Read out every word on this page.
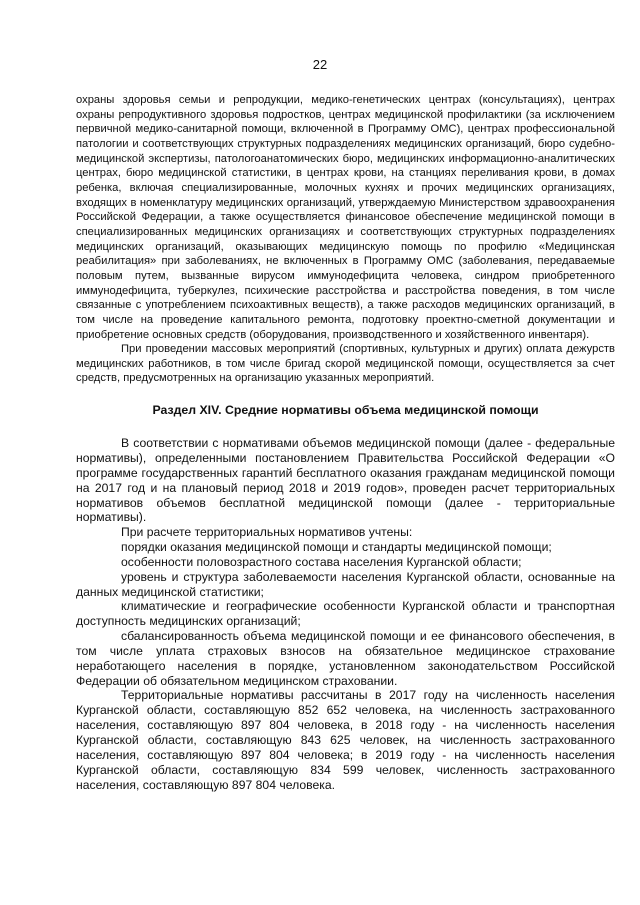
22

охраны здоровья семьи и репродукции, медико-генетических центрах (консультациях), центрах охраны репродуктивного здоровья подростков, центрах медицинской профилактики (за исключением первичной медико-санитарной помощи, включенной в Программу ОМС), центрах профессиональной патологии и соответствующих структурных подразделениях медицинских организаций, бюро судебно-медицинской экспертизы, патологоанатомических бюро, медицинских информационно-аналитических центрах, бюро медицинской статистики, в центрах крови, на станциях переливания крови, в домах ребенка, включая специализированные, молочных кухнях и прочих медицинских организациях, входящих в номенклатуру медицинских организаций, утверждаемую Министерством здравоохранения Российской Федерации, а также осуществляется финансовое обеспечение медицинской помощи в специализированных медицинских организациях и соответствующих структурных подразделениях медицинских организаций, оказывающих медицинскую помощь по профилю «Медицинская реабилитация» при заболеваниях, не включенных в Программу ОМС (заболевания, передаваемые половым путем, вызванные вирусом иммунодефицита человека, синдром приобретенного иммунодефицита, туберкулез, психические расстройства и расстройства поведения, в том числе связанные с употреблением психоактивных веществ), а также расходов медицинских организаций, в том числе на проведение капитального ремонта, подготовку проектно-сметной документации и приобретение основных средств (оборудования, производственного и хозяйственного инвентаря).

При проведении массовых мероприятий (спортивных, культурных и других) оплата дежурств медицинских работников, в том числе бригад скорой медицинской помощи, осуществляется за счет средств, предусмотренных на организацию указанных мероприятий.

Раздел XIV. Средние нормативы объема медицинской помощи

В соответствии с нормативами объемов медицинской помощи (далее - федеральные нормативы), определенными постановлением Правительства Российской Федерации «О программе государственных гарантий бесплатного оказания гражданам медицинской помощи на 2017 год и на плановый период 2018 и 2019 годов», проведен расчет территориальных нормативов объемов бесплатной медицинской помощи (далее - территориальные нормативы).

При расчете территориальных нормативов учтены:

порядки оказания медицинской помощи и стандарты медицинской помощи;

особенности половозрастного состава населения Курганской области;

уровень и структура заболеваемости населения Курганской области, основанные на данных медицинской статистики;

климатические и географические особенности Курганской области и транспортная доступность медицинских организаций;

сбалансированность объема медицинской помощи и ее финансового обеспечения, в том числе уплата страховых взносов на обязательное медицинское страхование неработающего населения в порядке, установленном законодательством Российской Федерации об обязательном медицинском страховании.

Территориальные нормативы рассчитаны в 2017 году на численность населения Курганской области, составляющую 852 652 человека, на численность застрахованного населения, составляющую 897 804 человека, в 2018 году - на численность населения Курганской области, составляющую 843 625 человек, на численность застрахованного населения, составляющую 897 804 человека; в 2019 году - на численность населения Курганской области, составляющую 834 599 человек, численность застрахованного населения, составляющую 897 804 человека.
